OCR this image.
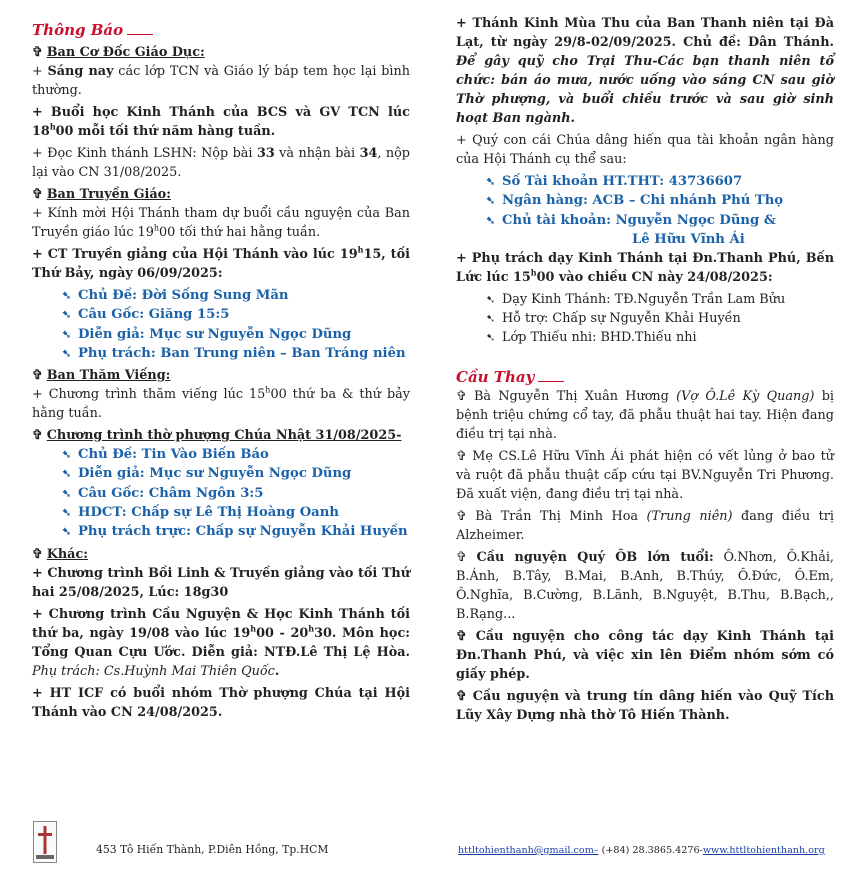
Thông Báo
✞ Ban Cơ Đốc Giáo Dục:

+ Sáng nay các lớp TCN và Giáo lý báp tem học lại bình thường.

+ Buổi học Kinh Thánh của BCS và GV TCN lúc 18$^h$00 mỗi tối thứ năm hàng tuần.

+ Đọc Kinh thánh LSHN: Nộp bài 33 và nhận bài 34, nộp lại vào CN 31/08/2025.

✞ Ban Truyền Giáo:

+ Kính mời Hội Thánh tham dự buổi cầu nguyện của Ban Truyền giáo lúc 19$^h$00 tối thứ hai hằng tuần.

+ CT Truyền giảng của Hội Thánh vào lúc 19$^h$15, tối Thứ Bảy, ngày 06/09/2025:

➷ Chủ Đề: Đời Sống Sung Mãn
➷ Câu Gốc: Giăng 15:5
➷ Diễn giả: Mục sư Nguyễn Ngọc Dũng
➷ Phụ trách: Ban Trung niên – Ban Tráng niên
✞ Ban Thăm Viếng:

+ Chương trình thăm viếng lúc 15$^h$00 thứ ba & thứ bảy hằng tuần.

✞ Chương trình thờ phượng Chúa Nhật 31/08/2025-
➷ Chủ Đề: Tin Vào Biến Báo
➷ Diễn giả: Mục sư Nguyễn Ngọc Dũng
➷ Câu Gốc: Châm Ngôn 3:5
➷ HDCT: Chấp sự Lê Thị Hoàng Oanh
➷ Phụ trách trực: Chấp sự Nguyễn Khải Huyền
✞ Khác:

+ Chương trình Bồi Linh & Truyền giảng vào tối Thứ hai 25/08/2025, Lúc: 18g30

+ Chương trình Cầu Nguyện & Học Kinh Thánh tối thứ ba, ngày 19/08 vào lúc 19$^h$00 - 20$^h$30. Môn học: Tổng Quan Cựu Ước. Diễn giả: NTĐ.Lê Thị Lệ Hòa. Phụ trách: Cs.Huỳnh Mai Thiên Quốc.

+ HT ICF có buổi nhóm Thờ phượng Chúa tại Hội Thánh vào CN 24/08/2025.

+ Thánh Kinh Mùa Thu của Ban Thanh niên tại Đà Lạt, từ ngày 29/8-02/09/2025. Chủ đề: Dân Thánh. Để gây quỹ cho Trại Thu-Các bạn thanh niên tổ chức: bán áo mưa, nước uống vào sáng CN sau giờ Thờ phượng, và buổi chiều trước và sau giờ sinh hoạt Ban ngành.

+ Quý con cái Chúa dâng hiến qua tài khoản ngân hàng của Hội Thánh cụ thể sau:

➷ Số Tài khoản HT.THT: 43736607
➷ Ngân hàng: ACB – Chi nhánh Phú Thọ
➷ Chủ tài khoản: Nguyễn Ngọc Dũng &
Lê Hữu Vĩnh Ái

+ Phụ trách dạy Kinh Thánh tại Đn.Thanh Phú, Bến Lức lúc 15$^h$00 vào chiều CN này 24/08/2025:

➷ Dạy Kinh Thánh: TĐ.Nguyễn Trần Lam Bửu
➷ Hỗ trợ: Chấp sự Nguyễn Khải Huyền
➷ Lớp Thiếu nhi: BHD.Thiếu nhi
Cầu Thay

✞ Bà Nguyễn Thị Xuân Hương (Vợ Ô.Lê Kỳ Quang) bị bệnh triệu chứng cổ tay, đã phẫu thuật hai tay. Hiện đang điều trị tại nhà.

✞ Mẹ CS.Lê Hữu Vĩnh Ái phát hiện có vết lủng ở bao tử và ruột đã phẫu thuật cấp cứu tại BV.Nguyễn Tri Phương. Đã xuất viện, đang điều trị tại nhà.

✞ Bà Trần Thị Minh Hoa (Trung niên) đang điều trị Alzheimer.

✞ Cầu nguyện Quý ÔB lớn tuổi: Ô.Nhơn, Ô.Khải, B.Ánh, B.Tây, B.Mai, B.Anh, B.Thúy, Ô.Đức, Ô.Em, Ô.Nghĩa, B.Cường, B.Lãnh, B.Nguyệt, B.Thu, B.Bạch,, B.Rạng...

✞ Cầu nguyện cho công tác dạy Kinh Thánh tại Đn.Thanh Phú, và việc xin lên Điểm nhóm sớm có giấy phép.

✞ Cầu nguyện và trung tín dâng hiến vào Quỹ Tích Lũy Xây Dựng nhà thờ Tô Hiến Thành.

453 Tô Hiến Thành, P.Diên Hồng, Tp.HCM	httltohienthanh@gmail.com– (+84) 28.3865.4276-www.httltohienthanh.org
